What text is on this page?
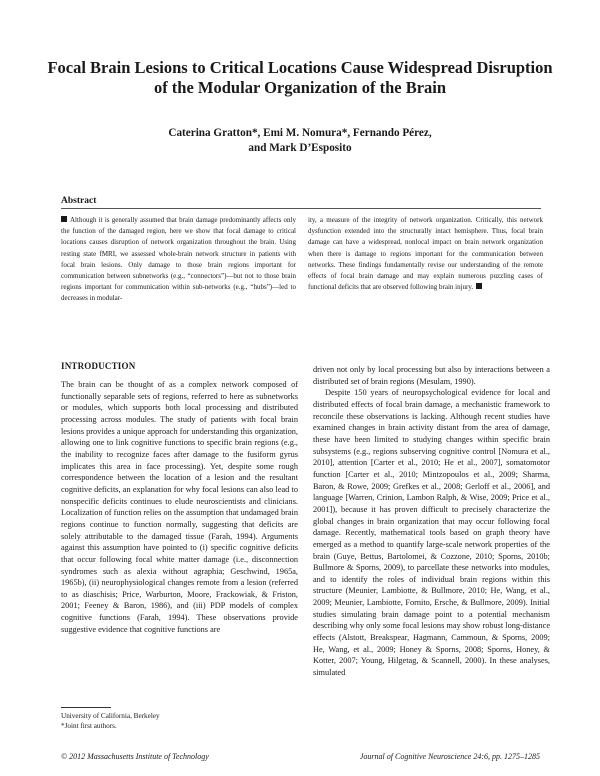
Focal Brain Lesions to Critical Locations Cause Widespread Disruption of the Modular Organization of the Brain
Caterina Gratton*, Emi M. Nomura*, Fernando Pérez,
and Mark D’Esposito
Abstract
Although it is generally assumed that brain damage predominantly affects only the function of the damaged region, here we show that focal damage to critical locations causes disruption of network organization throughout the brain. Using resting state fMRI, we assessed whole-brain network structure in patients with focal brain lesions. Only damage to those brain regions important for communication between subnetworks (e.g., “connectors”)—but not to those brain regions important for communication within sub-networks (e.g., “hubs”)—led to decreases in modular-
ity, a measure of the integrity of network organization. Critically, this network dysfunction extended into the structurally intact hemisphere. Thus, focal brain damage can have a widespread, nonlocal impact on brain network organization when there is damage to regions important for the communication between networks. These findings fundamentally revise our understanding of the remote effects of focal brain damage and may explain numerous puzzling cases of functional deficits that are observed following brain injury.
INTRODUCTION

The brain can be thought of as a complex network composed of functionally separable sets of regions, referred to here as subnetworks or modules, which supports both local processing and distributed processing across modules. The study of patients with focal brain lesions provides a unique approach for understanding this organization, allowing one to link cognitive functions to specific brain regions (e.g., the inability to recognize faces after damage to the fusiform gyrus implicates this area in face processing). Yet, despite some rough correspondence between the location of a lesion and the resultant cognitive deficits, an explanation for why focal lesions can also lead to nonspecific deficits continues to elude neuroscientists and clinicians. Localization of function relies on the assumption that undamaged brain regions continue to function normally, suggesting that deficits are solely attributable to the damaged tissue (Farah, 1994). Arguments against this assumption have pointed to (i) specific cognitive deficits that occur following focal white matter damage (i.e., disconnection syndromes such as alexia without agraphia; Geschwind, 1965a, 1965b), (ii) neurophysiological changes remote from a lesion (referred to as diaschisis; Price, Warburton, Moore, Frackowiak, & Friston, 2001; Feeney & Baron, 1986), and (iii) PDP models of complex cognitive functions (Farah, 1994). These observations provide suggestive evidence that cognitive functions are

driven not only by local processing but also by interactions between a distributed set of brain regions (Mesulam, 1990).

Despite 150 years of neuropsychological evidence for local and distributed effects of focal brain damage, a mechanistic framework to reconcile these observations is lacking. Although recent studies have examined changes in brain activity distant from the area of damage, these have been limited to studying changes within specific brain subsystems (e.g., regions subserving cognitive control [Nomura et al., 2010], attention [Carter et al., 2010; He et al., 2007], somatomotor function [Carter et al., 2010; Mintzopoulos et al., 2009; Sharma, Baron, & Rowe, 2009; Grefkes et al., 2008; Gerloff et al., 2006], and language [Warren, Crinion, Lambon Ralph, & Wise, 2009; Price et al., 2001]), because it has proven difficult to precisely characterize the global changes in brain organization that may occur following focal damage. Recently, mathematical tools based on graph theory have emerged as a method to quantify large-scale network properties of the brain (Guye, Bettus, Bartolomei, & Cozzone, 2010; Sporns, 2010b; Bullmore & Sporns, 2009), to parcellate these networks into modules, and to identify the roles of individual brain regions within this structure (Meunier, Lambiotte, & Bullmore, 2010; He, Wang, et al., 2009; Meunier, Lambiotte, Fornito, Ersche, & Bullmore, 2009). Initial studies simulating brain damage point to a potential mechanism describing why only some focal lesions may show robust long-distance effects (Alstott, Breakspear, Hagmann, Cammoun, & Sporns, 2009; He, Wang, et al., 2009; Honey & Sporns, 2008; Sporns, Honey, & Kotter, 2007; Young, Hilgetag, & Scannell, 2000). In these analyses, simulated

University of California, Berkeley
*Joint first authors.
© 2012 Massachusetts Institute of Technology	Journal of Cognitive Neuroscience 24:6, pp. 1275–1285
